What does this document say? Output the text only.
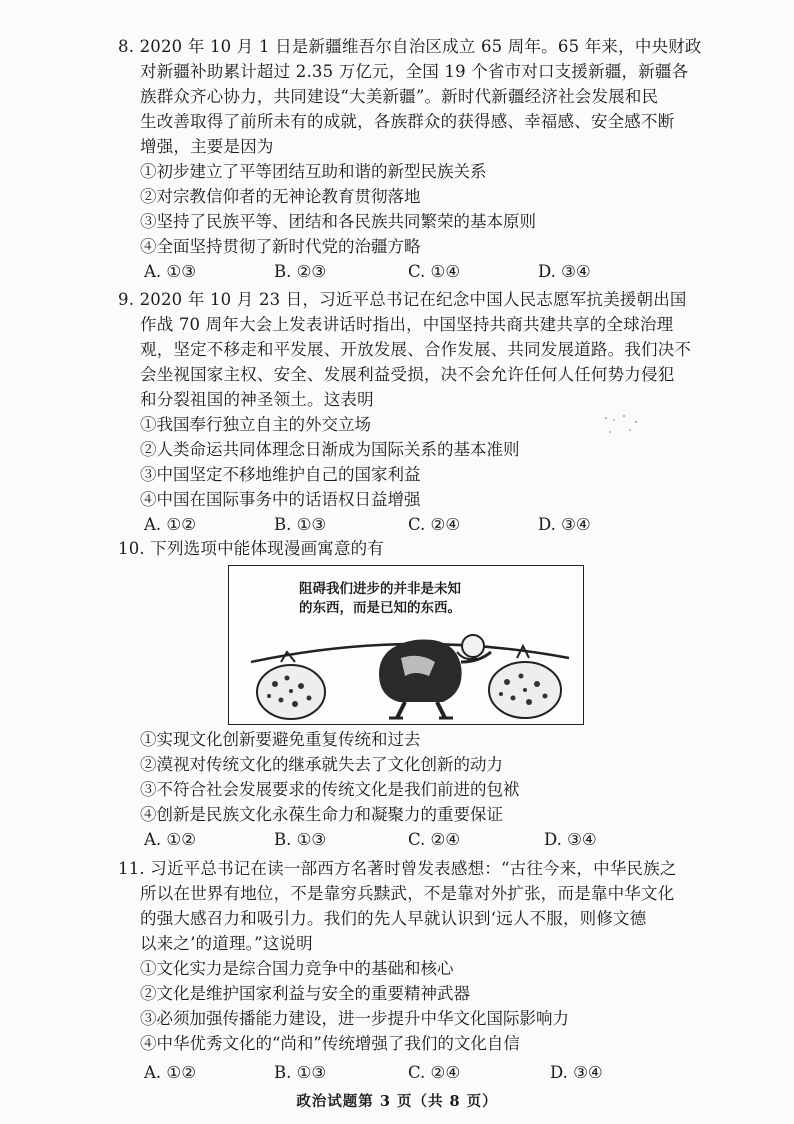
8. 2020 年 10 月 1 日是新疆维吾尔自治区成立 65 周年。65 年来，中央财政
对新疆补助累计超过 2.35 万亿元，全国 19 个省市对口支援新疆，新疆各
族群众齐心协力，共同建设“大美新疆”。新时代新疆经济社会发展和民
生改善取得了前所未有的成就，各族群众的获得感、幸福感、安全感不断
增强，主要是因为
①初步建立了平等团结互助和谐的新型民族关系
②对宗教信仰者的无神论教育贯彻落地
③坚持了民族平等、团结和各民族共同繁荣的基本原则
④全面坚持贯彻了新时代党的治疆方略
A. ①③	B. ②③	C. ①④	D. ③④
9. 2020 年 10 月 23 日，习近平总书记在纪念中国人民志愿军抗美援朝出国
作战 70 周年大会上发表讲话时指出，中国坚持共商共建共享的全球治理
观，坚定不移走和平发展、开放发展、合作发展、共同发展道路。我们决不
会坐视国家主权、安全、发展利益受损，决不会允许任何人任何势力侵犯
和分裂祖国的神圣领土。这表明
①我国奉行独立自主的外交立场
②人类命运共同体理念日渐成为国际关系的基本准则
③中国坚定不移地维护自己的国家利益
④中国在国际事务中的话语权日益增强
A. ①②	B. ①③	C. ②④	D. ③④
10. 下列选项中能体现漫画寓意的有
阻碍我们进步的并非是未知
的东西，而是已知的东西。
①实现文化创新要避免重复传统和过去
②漠视对传统文化的继承就失去了文化创新的动力
③不符合社会发展要求的传统文化是我们前进的包袱
④创新是民族文化永葆生命力和凝聚力的重要保证
A. ①②	B. ①③	C. ②④	D. ③④
11. 习近平总书记在读一部西方名著时曾发表感想：“古往今来，中华民族之
所以在世界有地位，不是靠穷兵黩武，不是靠对外扩张，而是靠中华文化
的强大感召力和吸引力。我们的先人早就认识到‘远人不服，则修文德
以来之’的道理。”这说明
①文化实力是综合国力竞争中的基础和核心
②文化是维护国家利益与安全的重要精神武器
③必须加强传播能力建设，进一步提升中华文化国际影响力
④中华优秀文化的“尚和”传统增强了我们的文化自信
A. ①②	B. ①③	C. ②④	D. ③④
政治试题第 3 页（共 8 页）
